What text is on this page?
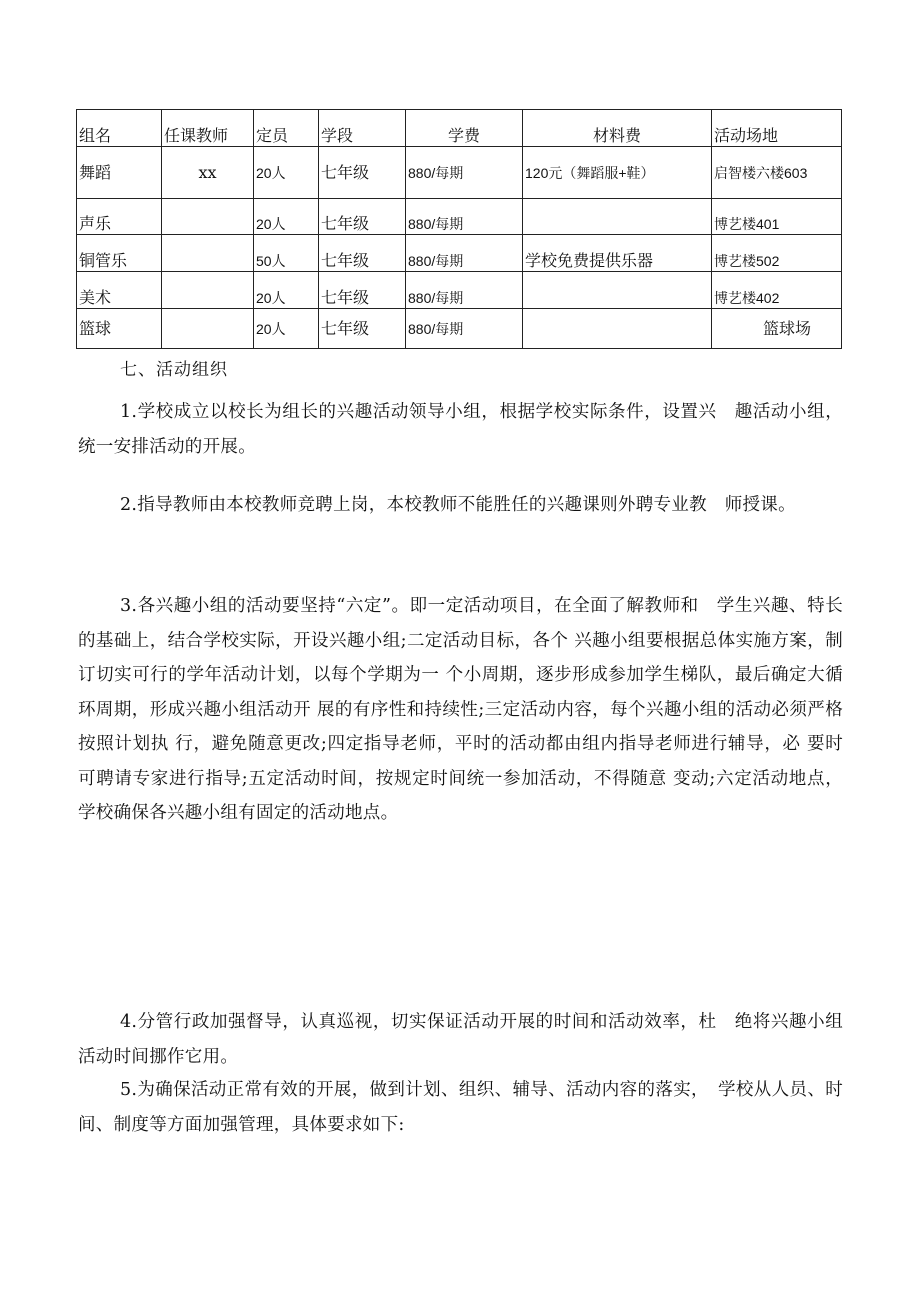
组名	任课教师	定员	学段	学费	材料费	活动场地
舞蹈	xx	20人	七年级	880/每期	120元（舞蹈服+鞋）	启智楼六楼603
声乐		20人	七年级	880/每期		博艺楼401
铜管乐		50人	七年级	880/每期	学校免费提供乐器	博艺楼502
美术		20人	七年级	880/每期		博艺楼402
篮球		20人	七年级	880/每期		篮球场
七、活动组织

1.学校成立以校长为组长的兴趣活动领导小组，根据学校实际条件，设置兴　趣活动小组，统一安排活动的开展。

2.指导教师由本校教师竞聘上岗，本校教师不能胜任的兴趣课则外聘专业教　师授课。

3.各兴趣小组的活动要坚持“六定”。即一定活动项目，在全面了解教师和　学生兴趣、特长的基础上，结合学校实际，开设兴趣小组;二定活动目标，各个 兴趣小组要根据总体实施方案，制订切实可行的学年活动计划，以每个学期为一 个小周期，逐步形成参加学生梯队，最后确定大循环周期，形成兴趣小组活动开 展的有序性和持续性;三定活动内容，每个兴趣小组的活动必须严格按照计划执 行，避免随意更改;四定指导老师，平时的活动都由组内指导老师进行辅导，必 要时可聘请专家进行指导;五定活动时间，按规定时间统一参加活动，不得随意 变动;六定活动地点，学校确保各兴趣小组有固定的活动地点。

4.分管行政加强督导，认真巡视，切实保证活动开展的时间和活动效率，杜　绝将兴趣小组活动时间挪作它用。

5.为确保活动正常有效的开展，做到计划、组织、辅导、活动内容的落实，　学校从人员、时间、制度等方面加强管理，具体要求如下:
